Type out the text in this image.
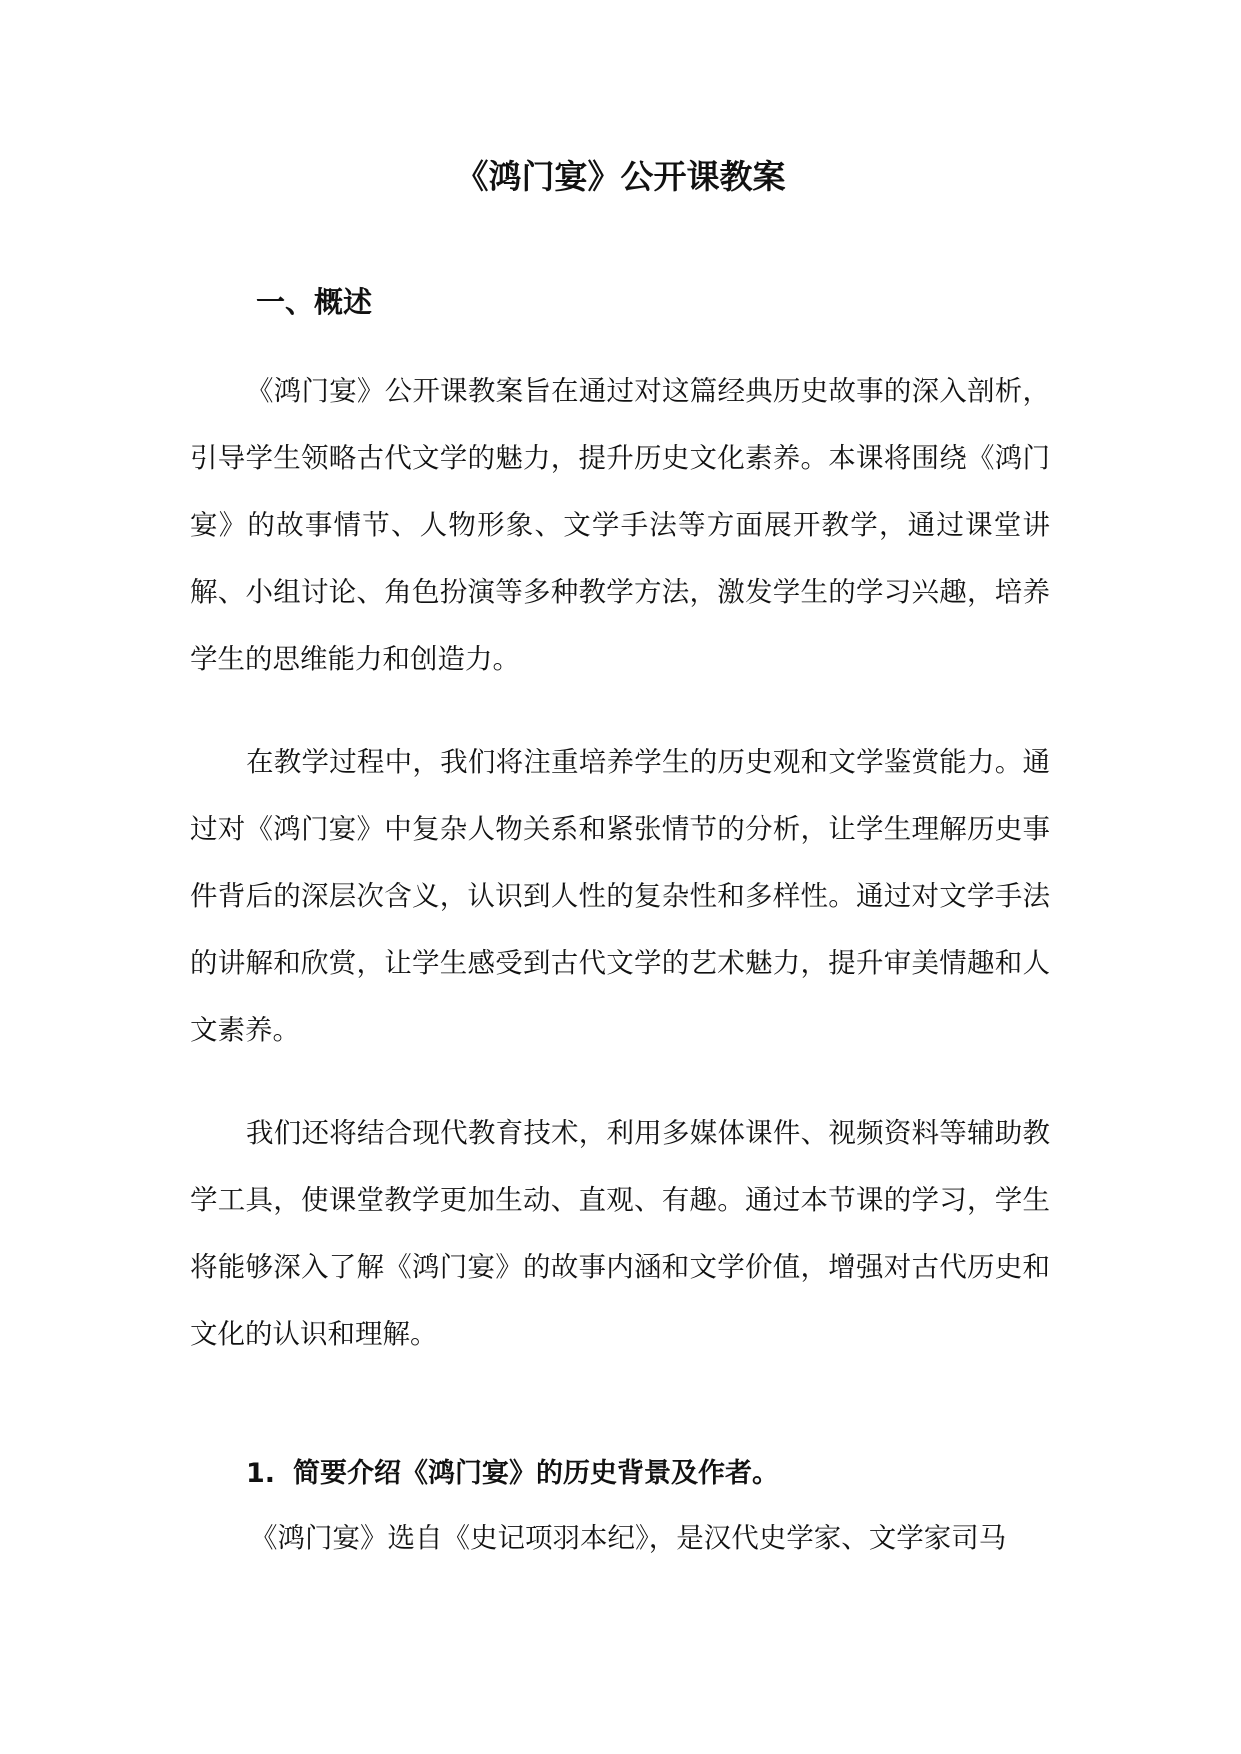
《鸿门宴》公开课教案
一、概述

《鸿门宴》公开课教案旨在通过对这篇经典历史故事的深入剖析，引导学生领略古代文学的魅力，提升历史文化素养。本课将围绕《鸿门宴》的故事情节、人物形象、文学手法等方面展开教学，通过课堂讲解、小组讨论、角色扮演等多种教学方法，激发学生的学习兴趣，培养学生的思维能力和创造力。

在教学过程中，我们将注重培养学生的历史观和文学鉴赏能力。通过对《鸿门宴》中复杂人物关系和紧张情节的分析，让学生理解历史事件背后的深层次含义，认识到人性的复杂性和多样性。通过对文学手法的讲解和欣赏，让学生感受到古代文学的艺术魅力，提升审美情趣和人文素养。

我们还将结合现代教育技术，利用多媒体课件、视频资料等辅助教学工具，使课堂教学更加生动、直观、有趣。通过本节课的学习，学生将能够深入了解《鸿门宴》的故事内涵和文学价值，增强对古代历史和文化的认识和理解。

1. 简要介绍《鸿门宴》的历史背景及作者。

《鸿门宴》选自《史记项羽本纪》，是汉代史学家、文学家司马
